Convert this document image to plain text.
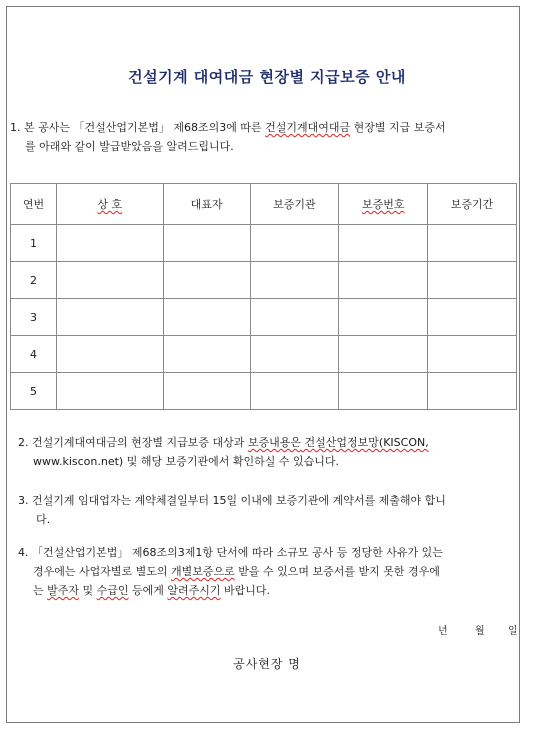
건설기계 대여대금 현장별 지급보증 안내
1. 본 공사는 「건설산업기본법」 제68조의3에 따른 건설기계대여대금 현장별 지급 보증서
를 아래와 같이 발급받았음을 알려드립니다.
연번	상 호	대표자	보증기관	보증번호	보증기간
1					
2					
3					
4					
5					
2. 건설기계대여대금의 현장별 지급보증 대상과 보증내용은 건설산업정보망(KISCON,
www.kiscon.net) 및 해당 보증기관에서 확인하실 수 있습니다.
3. 건설기계 임대업자는 계약체결일부터 15일 이내에 보증기관에 계약서를 제출해야 합니
다.
4. 「건설산업기본법」 제68조의3제1항 단서에 따라 소규모 공사 등 정당한 사유가 있는
경우에는 사업자별로 별도의 개별보증으로 받을 수 있으며 보증서를 받지 못한 경우에
는 발주자 및 수급인 등에게 알려주시기 바랍니다.
년	월 일
공사현장 명
